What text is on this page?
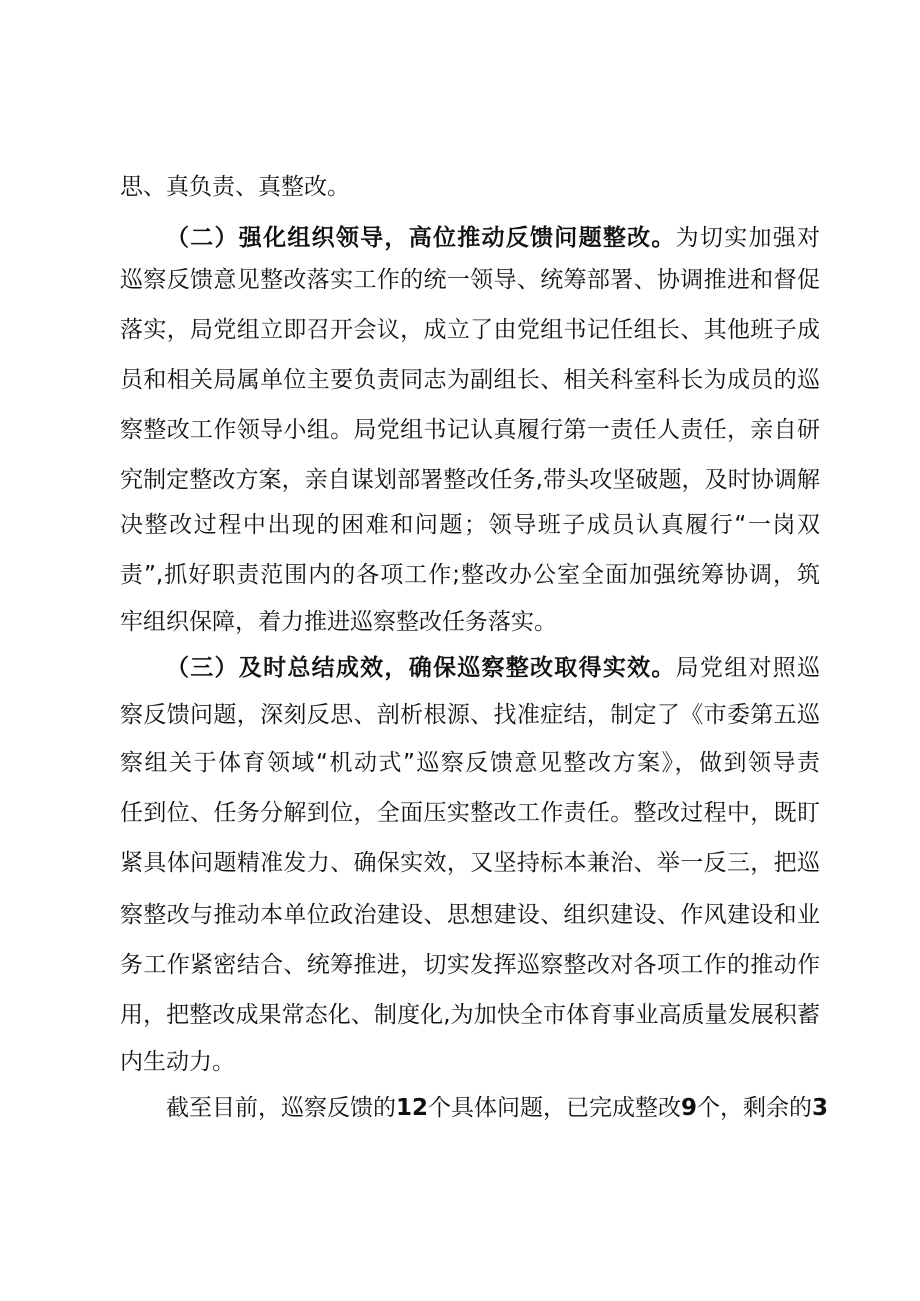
思、真负责、真整改。
（二）强化组织领导，高位推动反馈问题整改。为切实加强对
巡察反馈意见整改落实工作的统一领导、统筹部署、协调推进和督促
落实，局党组立即召开会议，成立了由党组书记任组长、其他班子成
员和相关局属单位主要负责同志为副组长、相关科室科长为成员的巡
察整改工作领导小组。局党组书记认真履行第一责任人责任，亲自研
究制定整改方案，亲自谋划部署整改任务,带头攻坚破题，及时协调解
决整改过程中出现的困难和问题；领导班子成员认真履行“一岗双
责”,抓好职责范围内的各项工作;整改办公室全面加强统筹协调，筑
牢组织保障，着力推进巡察整改任务落实。
（三）及时总结成效，确保巡察整改取得实效。局党组对照巡
察反馈问题，深刻反思、剖析根源、找准症结，制定了《市委第五巡
察组关于体育领域“机动式”巡察反馈意见整改方案》，做到领导责
任到位、任务分解到位，全面压实整改工作责任。整改过程中，既盯
紧具体问题精准发力、确保实效，又坚持标本兼治、举一反三，把巡
察整改与推动本单位政治建设、思想建设、组织建设、作风建设和业
务工作紧密结合、统筹推进，切实发挥巡察整改对各项工作的推动作
用，把整改成果常态化、制度化,为加快全市体育事业高质量发展积蓄
内生动力。
截至目前，巡察反馈的12个具体问题，已完成整改9个，剩余的3
